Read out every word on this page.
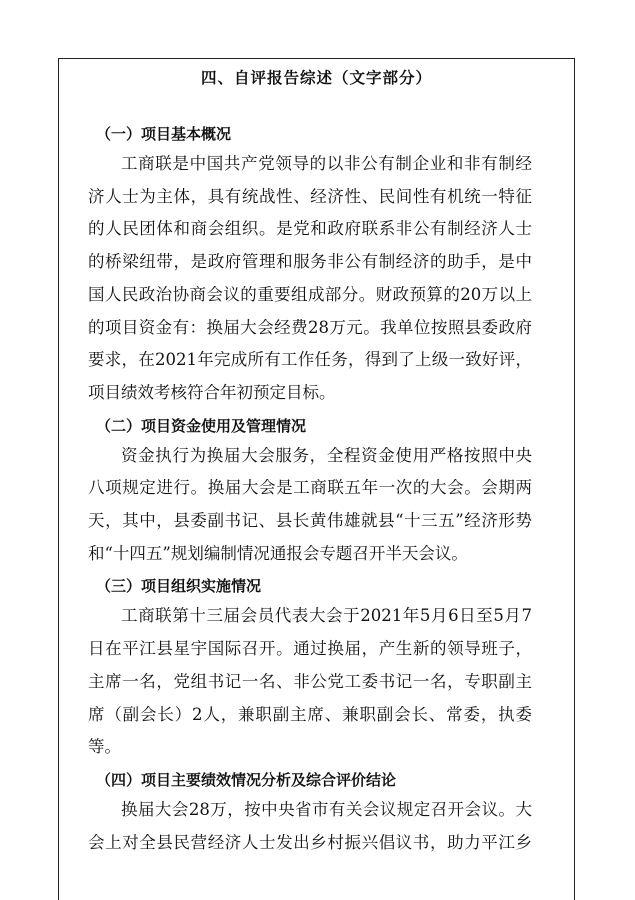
四、自评报告综述（文字部分）
（一）项目基本概况

工商联是中国共产党领导的以非公有制企业和非有制经济人士为主体，具有统战性、经济性、民间性有机统一特征的人民团体和商会组织。是党和政府联系非公有制经济人士的桥梁纽带，是政府管理和服务非公有制经济的助手，是中国人民政治协商会议的重要组成部分。财政预算的20万以上的项目资金有：换届大会经费28万元。我单位按照县委政府要求，在2021年完成所有工作任务，得到了上级一致好评，项目绩效考核符合年初预定目标。

（二）项目资金使用及管理情况

资金执行为换届大会服务，全程资金使用严格按照中央八项规定进行。换届大会是工商联五年一次的大会。会期两天，其中，县委副书记、县长黄伟雄就县“十三五”经济形势和“十四五”规划编制情况通报会专题召开半天会议。

（三）项目组织实施情况

工商联第十三届会员代表大会于2021年5月6日至5月7日在平江县星宇国际召开。通过换届，产生新的领导班子，主席一名，党组书记一名、非公党工委书记一名，专职副主席（副会长）2人，兼职副主席、兼职副会长、常委，执委等。

（四）项目主要绩效情况分析及综合评价结论

换届大会28万，按中央省市有关会议规定召开会议。大会上对全县民营经济人士发出乡村振兴倡议书，助力平江乡
